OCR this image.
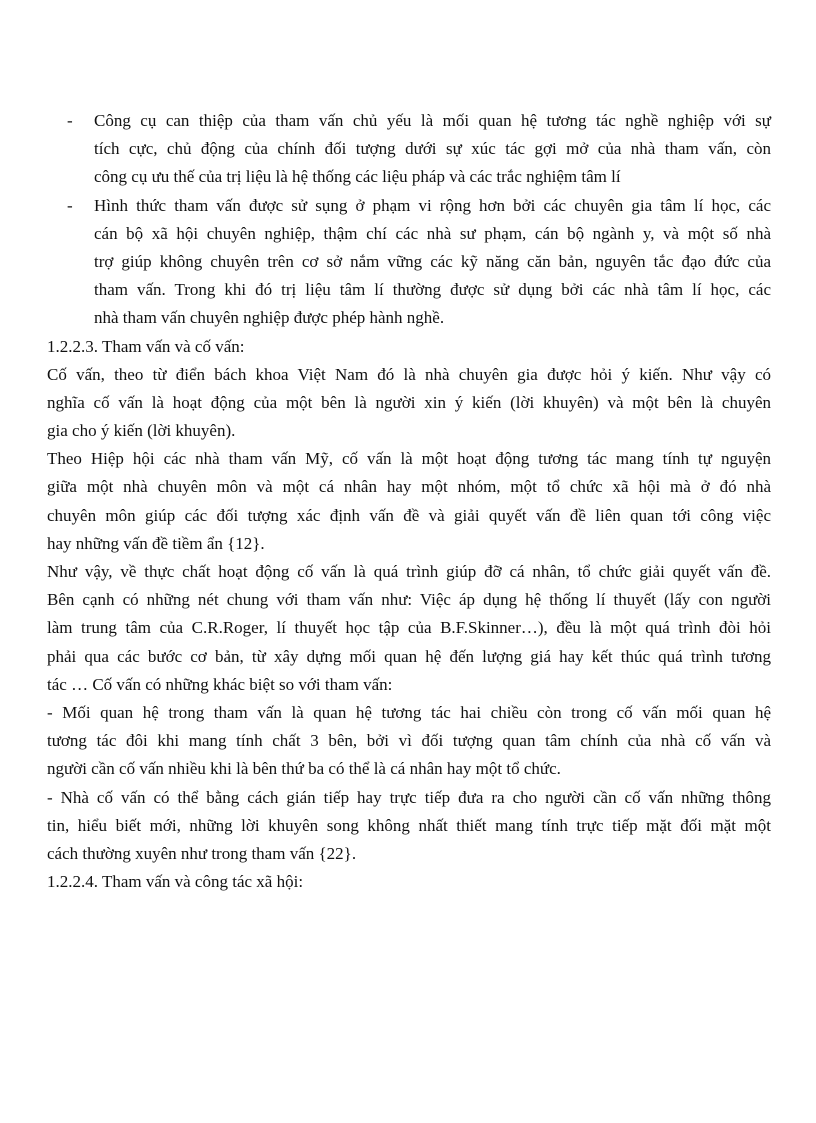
- Công cụ can thiệp của tham vấn chủ yếu là mối quan hệ tương tác nghề nghiệp với sự
tích cực, chủ động của chính đối tượng dưới sự xúc tác gợi mở của nhà tham vấn, còn
công cụ ưu thế của trị liệu là hệ thống các liệu pháp và các trắc nghiệm tâm lí
- Hình thức tham vấn được sử sụng ở phạm vi rộng hơn bởi các chuyên gia tâm lí học, các
cán bộ xã hội chuyên nghiệp, thậm chí các nhà sư phạm, cán bộ ngành y, và một số nhà
trợ giúp không chuyên trên cơ sở nắm vững các kỹ năng căn bản, nguyên tắc đạo đức của
tham vấn. Trong khi đó trị liệu tâm lí thường được sử dụng bởi các nhà tâm lí học, các
nhà tham vấn chuyên nghiệp được phép hành nghề.
1.2.2.3. Tham vấn và cố vấn:
Cố vấn, theo từ điển bách khoa Việt Nam đó là nhà chuyên gia được hỏi ý kiến. Như vậy có
nghĩa cố vấn là hoạt động của một bên là người xin ý kiến (lời khuyên) và một bên là chuyên
gia cho ý kiến (lời khuyên).
Theo Hiệp hội các nhà tham vấn Mỹ, cố vấn là một hoạt động tương tác mang tính tự nguyện
giữa một nhà chuyên môn và một cá nhân hay một nhóm, một tổ chức xã hội mà ở đó nhà
chuyên môn giúp các đối tượng xác định vấn đề và giải quyết vấn đề liên quan tới công việc
hay những vấn đề tiềm ẩn {12}.
Như vậy, về thực chất hoạt động cố vấn là quá trình giúp đỡ cá nhân, tổ chức giải quyết vấn đề.
Bên cạnh có những nét chung với tham vấn như: Việc áp dụng hệ thống lí thuyết (lấy con người
làm trung tâm của C.R.Roger, lí thuyết học tập của B.F.Skinner…), đều là một quá trình đòi hỏi
phải qua các bước cơ bản, từ xây dựng mối quan hệ đến lượng giá hay kết thúc quá trình tương
tác … Cố vấn có những khác biệt so với tham vấn:
- Mối quan hệ trong tham vấn là quan hệ tương tác hai chiều còn trong cố vấn mối quan hệ
tương tác đôi khi mang tính chất 3 bên, bởi vì đối tượng quan tâm chính của nhà cố vấn và
người cần cố vấn nhiều khi là bên thứ ba có thể là cá nhân hay một tổ chức.
- Nhà cố vấn có thể bằng cách gián tiếp hay trực tiếp đưa ra cho người cần cố vấn những thông
tin, hiểu biết mới, những lời khuyên song không nhất thiết mang tính trực tiếp mặt đối mặt một
cách thường xuyên như trong tham vấn {22}.
1.2.2.4. Tham vấn và công tác xã hội:
